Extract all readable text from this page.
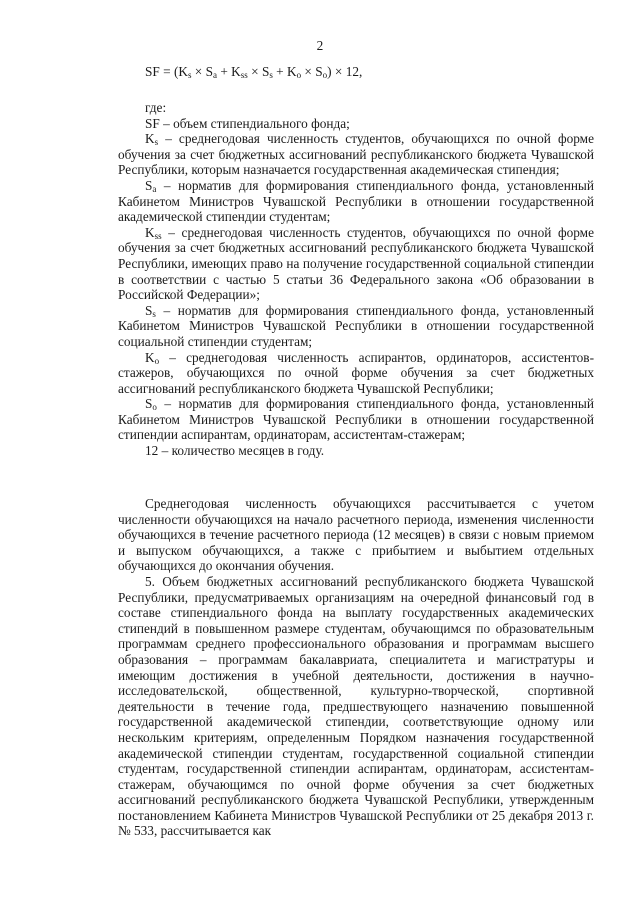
2
SF = $(K_s \times S_a + K_{ss} \times S_s + K_o \times S_o) \times 12$,

где:

SF – объем стипендиального фонда;

$K_s$ – среднегодовая численность студентов, обучающихся по очной форме обучения за счет бюджетных ассигнований республиканского бюджета Чувашской Республики, которым назначается государственная академическая стипендия;

$S_a$ – норматив для формирования стипендиального фонда, установленный Кабинетом Министров Чувашской Республики в отношении государственной академической стипендии студентам;

$K_{ss}$ – среднегодовая численность студентов, обучающихся по очной форме обучения за счет бюджетных ассигнований республиканского бюджета Чувашской Республики, имеющих право на получение государственной социальной стипендии в соответствии с частью 5 статьи 36 Федерального закона «Об образовании в Российской Федерации»;

$S_s$ – норматив для формирования стипендиального фонда, установленный Кабинетом Министров Чувашской Республики в отношении государственной социальной стипендии студентам;

$K_o$ – среднегодовая численность аспирантов, ординаторов, ассистентов-стажеров, обучающихся по очной форме обучения за счет бюджетных ассигнований республиканского бюджета Чувашской Республики;

$S_o$ – норматив для формирования стипендиального фонда, установленный Кабинетом Министров Чувашской Республики в отношении государственной стипендии аспирантам, ординаторам, ассистентам-стажерам;

12 – количество месяцев в году.

Среднегодовая численность обучающихся рассчитывается с учетом численности обучающихся на начало расчетного периода, изменения численности обучающихся в течение расчетного периода (12 месяцев) в связи с новым приемом и выпуском обучающихся, а также с прибытием и выбытием отдельных обучающихся до окончания обучения.

5. Объем бюджетных ассигнований республиканского бюджета Чувашской Республики, предусматриваемых организациям на очередной финансовый год в составе стипендиального фонда на выплату государственных академических стипендий в повышенном размере студентам, обучающимся по образовательным программам среднего профессионального образования и программам высшего образования – программам бакалавриата, специалитета и магистратуры и имеющим достижения в учебной деятельности, достижения в научно-исследовательской, общественной, культурно-творческой, спортивной деятельности в течение года, предшествующего назначению повышенной государственной академической стипендии, соответствующие одному или нескольким критериям, определенным Порядком назначения государственной академической стипендии студентам, государственной социальной стипендии студентам, государственной стипендии аспирантам, ординаторам, ассистентам-стажерам, обучающимся по очной форме обучения за счет бюджетных ассигнований республиканского бюджета Чувашской Республики, утвержденным постановлением Кабинета Министров Чувашской Республики от 25 декабря 2013 г. № 533, рассчитывается как
